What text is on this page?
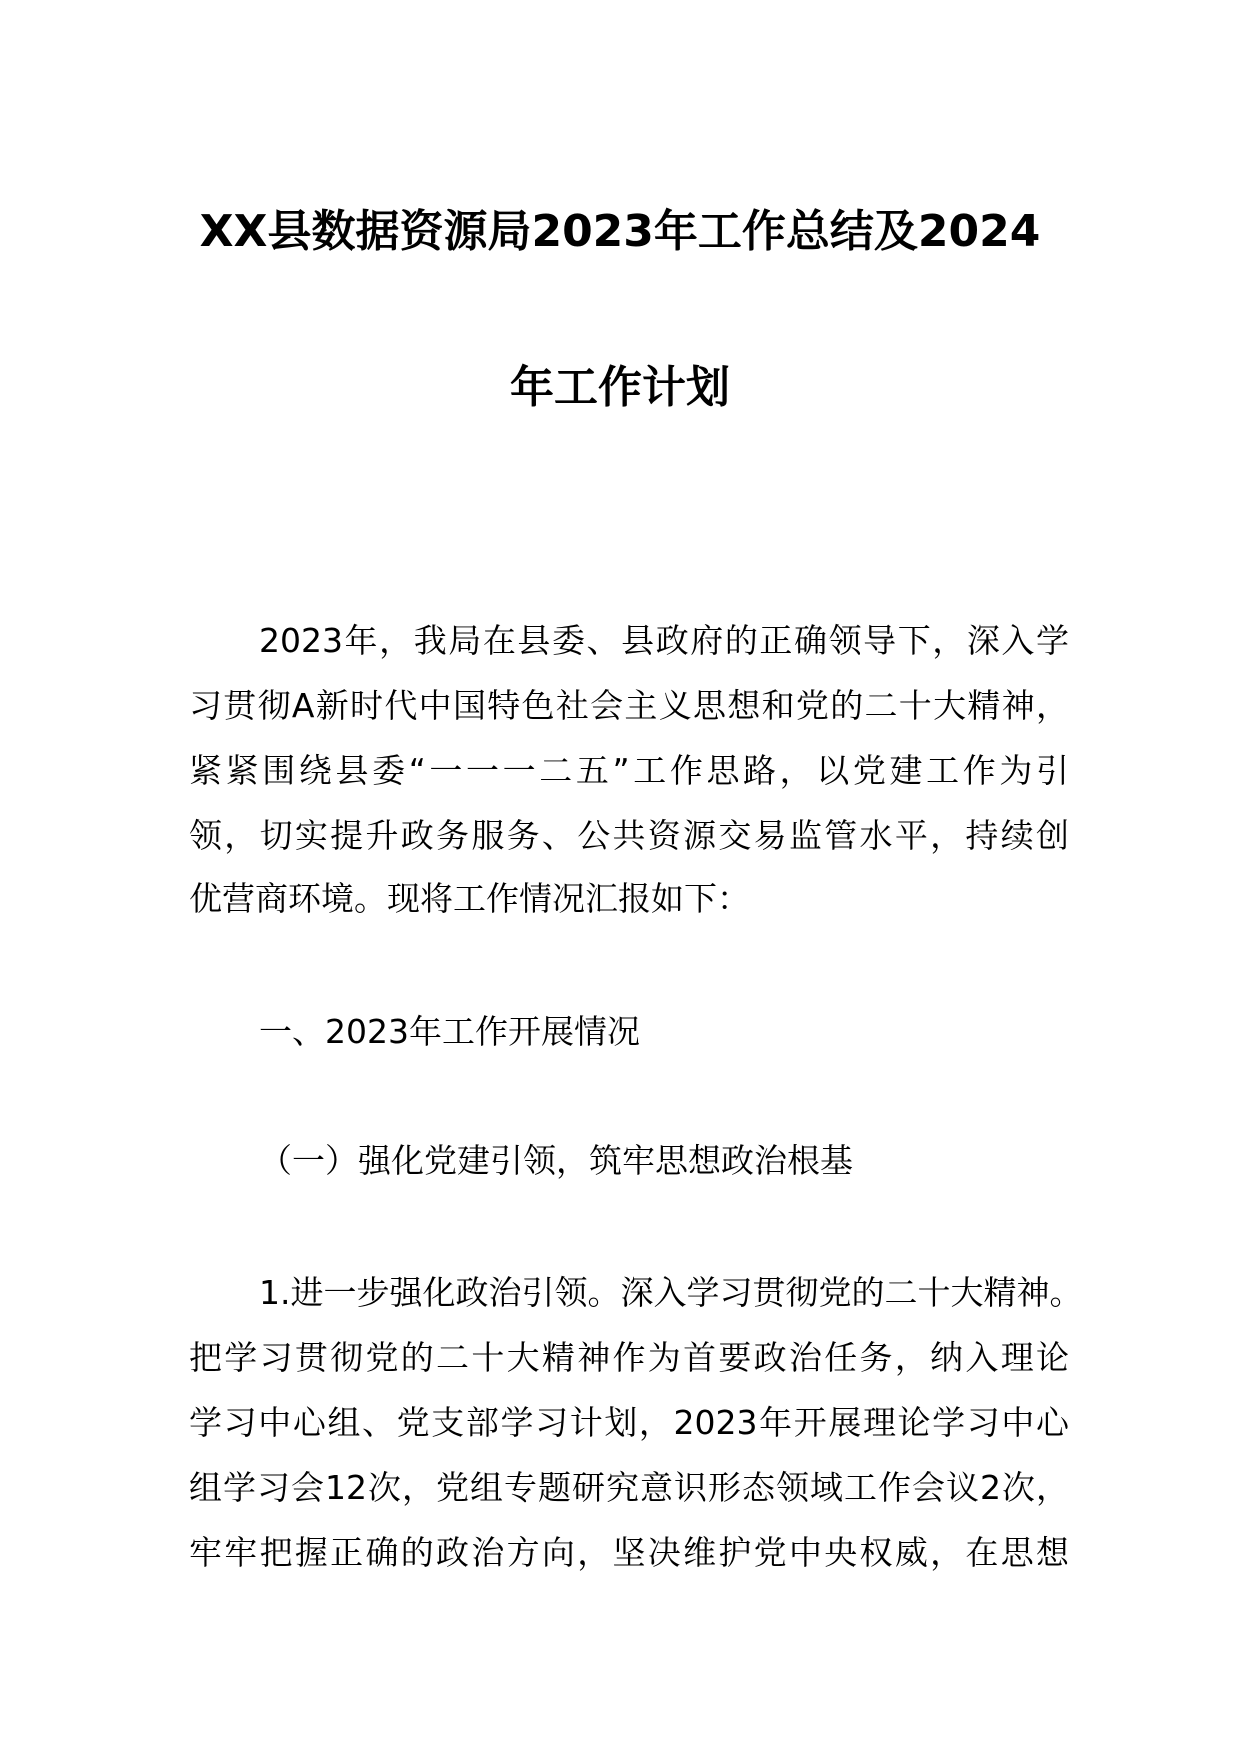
XX县数据资源局2023年工作总结及2024
年工作计划
2023年，我局在县委、县政府的正确领导下，深入学
习贯彻A新时代中国特色社会主义思想和党的二十大精神，
紧紧围绕县委“一一一二五”工作思路，以党建工作为引
领，切实提升政务服务、公共资源交易监管水平，持续创
优营商环境。现将工作情况汇报如下：
一、2023年工作开展情况
（一）强化党建引领，筑牢思想政治根基
1.进一步强化政治引领。深入学习贯彻党的二十大精神。
把学习贯彻党的二十大精神作为首要政治任务，纳入理论
学习中心组、党支部学习计划，2023年开展理论学习中心
组学习会12次，党组专题研究意识形态领域工作会议2次，
牢牢把握正确的政治方向，坚决维护党中央权威，在思想
